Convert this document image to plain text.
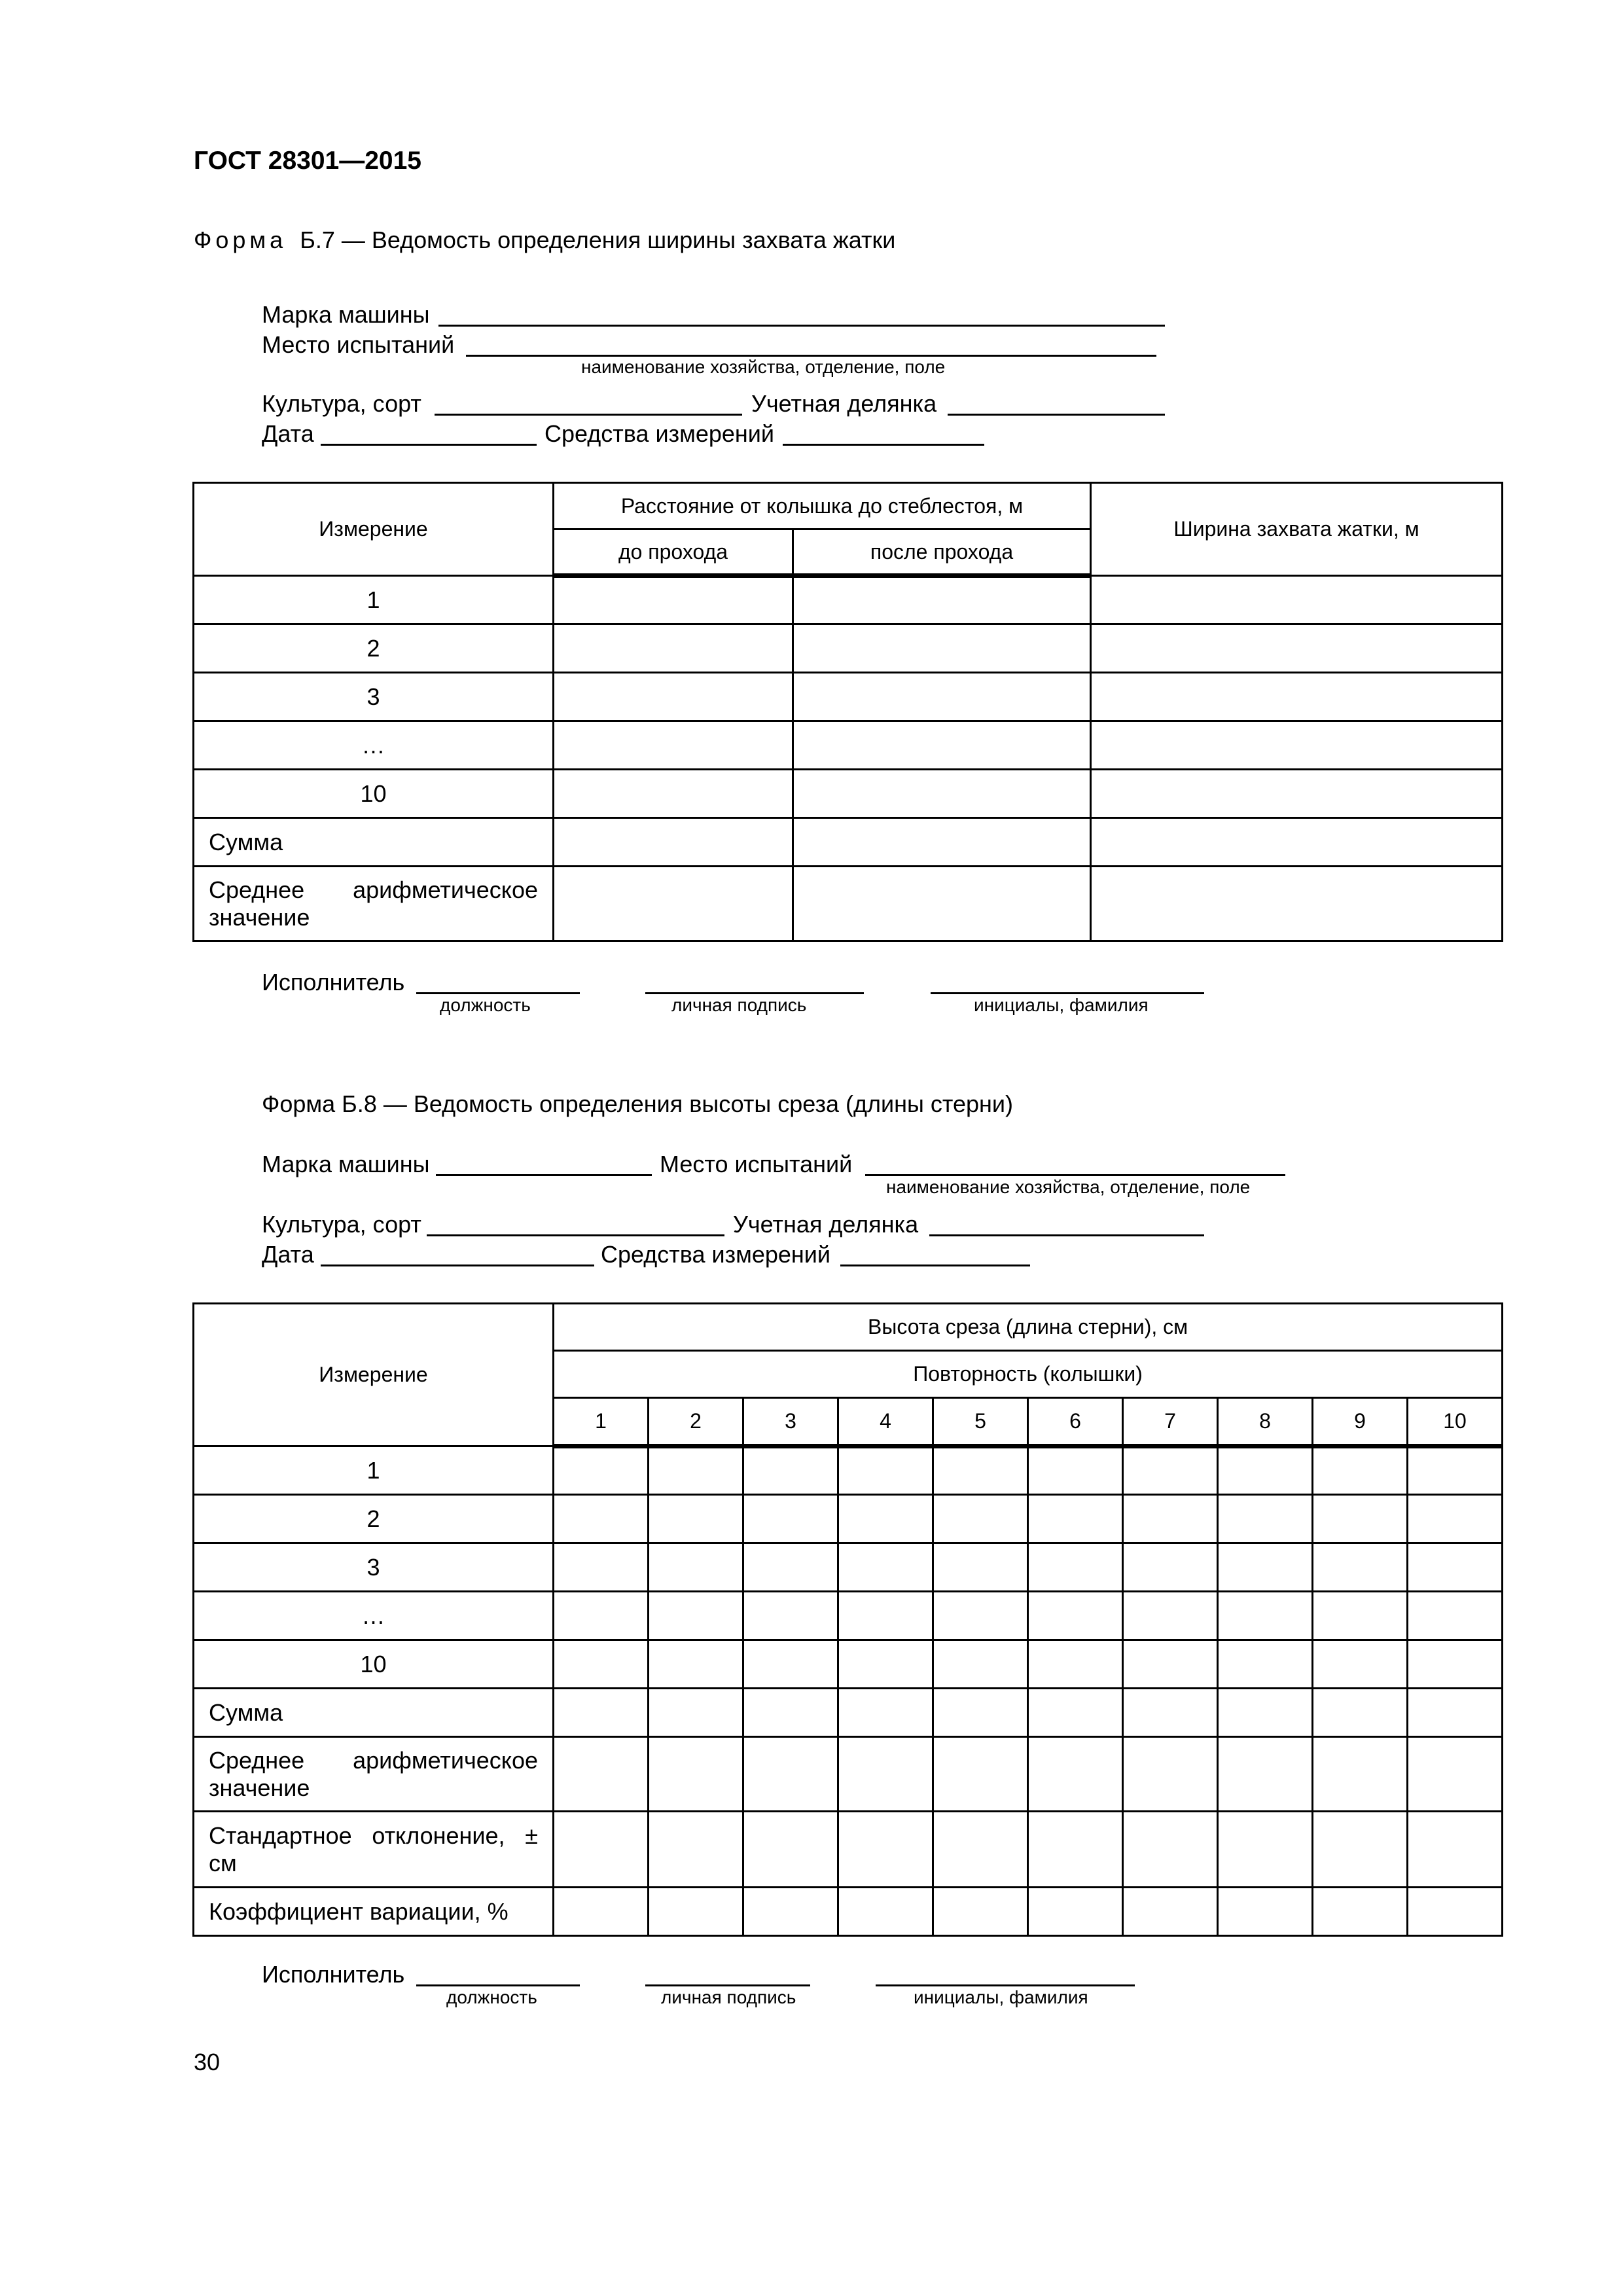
ГОСТ 28301—2015
Форма Б.7 — Ведомость определения ширины захвата жатки
Марка машины
Место испытаний
наименование хозяйства, отделение, поле
Культура, сорт	Учетная делянка
Дата	Средства измерений
Измерение	Расстояние от колышка до стеблестоя, м		Ширина захвата жатки, м
	до прохода	после прохода	
1			
2			
3			
…			
10			
Сумма			
Среднее арифметическое значение			
Исполнитель
должность	личная подпись	инициалы, фамилия
Форма Б.8 — Ведомость определения высоты среза (длины стерни)
Марка машины	Место испытаний
наименование хозяйства, отделение, поле
Культура, сорт	Учетная делянка
Дата	Средства измерений
Измерение	Высота среза (длина стерни), см									
	Повторность (колышки)									
	1	2	3	4	5	6	7	8	9	10
1										
2										
3										
…										
10										
Сумма										
Среднее арифметическое значение										
Стандартное отклонение, ± см										
Коэффициент вариации, %										
Исполнитель
должность	личная подпись	инициалы, фамилия
30
